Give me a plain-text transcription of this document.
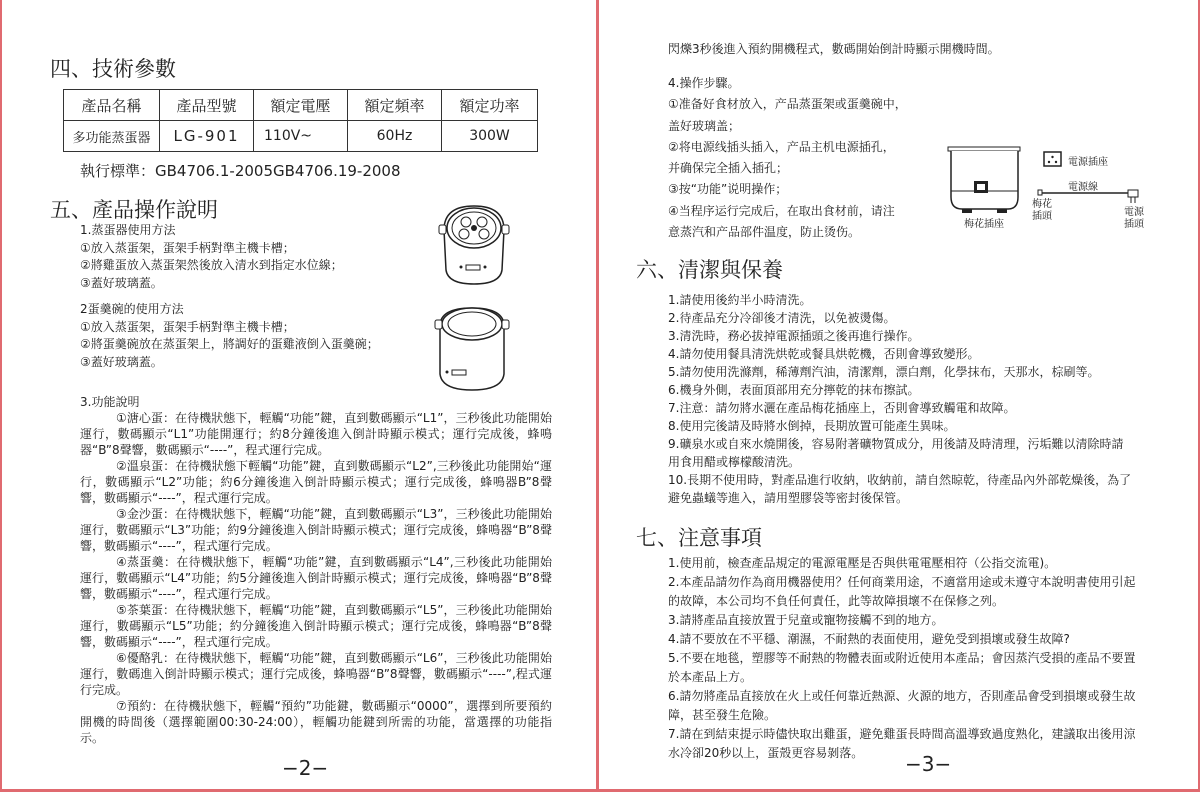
四、技術參數
產品名稱	產品型號	額定電壓	額定頻率	額定功率
多功能蒸蛋器	LG-901	110V~	60Hz	300W
執行標準：GB4706.1-2005GB4706.19-2008
五、產品操作說明
1.蒸蛋器使用方法
①放入蒸蛋架，蛋架手柄對準主機卡槽；
②將雞蛋放入蒸蛋架然後放入清水到指定水位線；
③蓋好玻璃蓋。
2蛋羹碗的使用方法
①放入蒸蛋架，蛋架手柄對準主機卡槽；
②將蛋羹碗放在蒸蛋架上，將調好的蛋雞液倒入蛋羹碗；
③蓋好玻璃蓋。
3.功能說明

①溏心蛋：在待機狀態下，輕觸“功能”鍵，直到數碼顯示“L1”，三秒後此功能開始運行，數碼顯示“L1”功能開運行；約8分鐘後進入倒計時顯示模式；運行完成後，蜂鳴器“B”8聲響，數碼顯示“----”，程式運行完成。

②溫泉蛋：在待機狀態下輕觸“功能”鍵，直到數碼顯示“L2”,三秒後此功能開始“運行，數碼顯示“L2”功能；約6分鐘後進入倒計時顯示模式；運行完成後，蜂鳴器B”8聲響，數碼顯示“----”，程式運行完成。

③金沙蛋：在待機狀態下，輕觸“功能”鍵，直到數碼顯示“L3”，三秒後此功能開始運行，數碼顯示“L3”功能；約9分鐘後進入倒計時顯示模式；運行完成後，蜂鳴器“B”8聲響，數碼顯示“----”，程式運行完成。

④蒸蛋羹：在待機狀態下，輕觸“功能”鍵，直到數碼顯示“L4”,三秒後此功能開始運行，數碼顯示“L4”功能；約5分鐘後進入倒計時顯示模式；運行完成後，蜂鳴器“B”8聲響，數碼顯示“----”，程式運行完成。

⑤茶葉蛋：在待機狀態下，輕觸“功能”鍵，直到數碼顯示“L5”，三秒後此功能開始運行，數碼顯示“L5”功能；約分鐘後進入倒計時顯示模式；運行完成後，蜂鳴器“B”8聲響，數碼顯示“----”，程式運行完成。

⑥優酪乳：在待機狀態下，輕觸“功能”鍵，直到數碼顯示“L6”，三秒後此功能開始運行，數碼進入倒計時顯示模式；運行完成後，蜂鳴器“B”8聲響，數碼顯示“----”,程式運行完成。

⑦預約：在待機狀態下，輕觸“預約”功能鍵，數碼顯示“0000”，選擇到所要預約開機的時間後（選擇範圍00:30-24:00），輕觸功能鍵到所需的功能，當選擇的功能指示。

−2−
閃爍3秒後進入預約開機程式，數碼開始倒計時顯示開機時間。
4.操作步驟。
①准备好食材放入，产品蒸蛋架或蛋羹碗中，
盖好玻璃盖；
②将电源线插头插入，产品主机电源插孔，
并确保完全插入插孔；
③按“功能”说明操作；
④当程序运行完成后，在取出食材前，请注
意蒸汽和产品部件温度，防止烫伤。
電源插座
電源線
梅花插座
梅花
插頭	電源
插頭
六、清潔與保養
1.請使用後約半小時清洗。
2.待產品充分冷卻後才清洗，以免被燙傷。
3.清洗時，務必拔掉電源插頭之後再進行操作。
4.請勿使用餐具清洗烘乾或餐具烘乾機，否則會導致變形。
5.請勿使用洗滌劑，稀薄劑汽油，清潔劑，漂白劑，化學抹布，天那水，棕刷等。
6.機身外側，表面頂部用充分擰乾的抹布擦試。
7.注意：請勿將水灑在產品梅花插座上，否則會導致觸電和故障。
8.使用完後請及時將水倒掉，長期放置可能產生異味。
9.礦泉水或自來水燒開後，容易附著礦物質成分，用後請及時清理，污垢難以清除時請
用食用醋或檸檬酸清洗。
10.長期不使用時，對產品進行收納，收納前，請自然晾乾，待產品內外部乾燥後，為了
避免蟲蟻等進入，請用塑膠袋等密封後保管。
七、注意事項
1.使用前，檢查產品規定的電源電壓是否與供電電壓相符（公指交流電)。
2.本產品請勿作為商用機器使用？任何商業用途，不適當用途或未遵守本說明書使用引起
的故障，本公司均不負任何責任，此等故障損壞不在保修之列。
3.請將產品直接放置于兒童或寵物接觸不到的地方。
4.請不要放在不平穩、潮濕，不耐熱的表面使用，避免受到損壞或發生故障?
5.不要在地毯，塑膠等不耐熱的物體表面或附近使用本產品；會因蒸汽受損的產品不要置
於本產品上方。
6.請勿將產品直接放在火上或任何靠近熱源、火源的地方，否則產品會受到損壞或發生故
障，甚至發生危險。
7.請在到結束提示時儘快取出雞蛋，避免雞蛋長時間高溫導致過度熟化，建議取出後用涼
水冷卻20秒以上，蛋殼更容易剝落。	−3−
